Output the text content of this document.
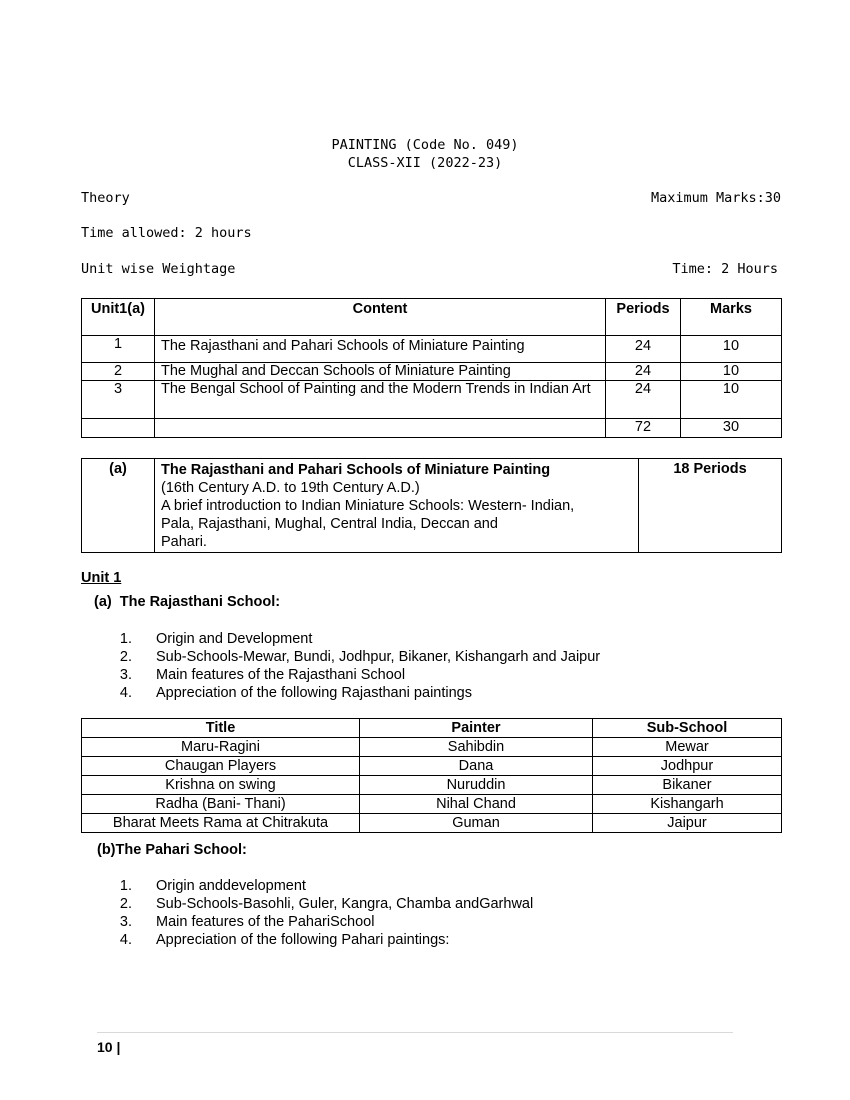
PAINTING (Code No. 049)
CLASS-XII (2022-23)
Theory	Maximum Marks:30
Time allowed: 2 hours
Unit wise Weightage	Time: 2 Hours
Unit1(a)	Content	Periods	Marks
1	The Rajasthani and Pahari Schools of Miniature Painting	24	10
2	The Mughal and Deccan Schools of Miniature Painting	24	10
3	The Bengal School of Painting and the Modern Trends in Indian Art	24	10
		72	30
(a)	The Rajasthani and Pahari Schools of Miniature Painting
(16th Century A.D. to 19th Century A.D.)
A brief introduction to Indian Miniature Schools: Western- Indian,
Pala, Rajasthani, Mughal, Central India, Deccan and
Pahari.
	18 Periods
Unit 1
(a)  The Rajasthani School:
1. Origin and Development
2. Sub-Schools-Mewar, Bundi, Jodhpur, Bikaner, Kishangarh and Jaipur
3. Main features of the Rajasthani School
4. Appreciation of the following Rajasthani paintings
Title	Painter	Sub-School
Maru-Ragini	Sahibdin	Mewar
Chaugan Players	Dana	Jodhpur
Krishna on swing	Nuruddin	Bikaner
Radha (Bani- Thani)	Nihal Chand	Kishangarh
Bharat Meets Rama at Chitrakuta	Guman	Jaipur
(b)The Pahari School:
1. Origin anddevelopment
2. Sub-Schools-Basohli, Guler, Kangra, Chamba andGarhwal
3. Main features of the PahariSchool
4. Appreciation of the following Pahari paintings:
10 |
